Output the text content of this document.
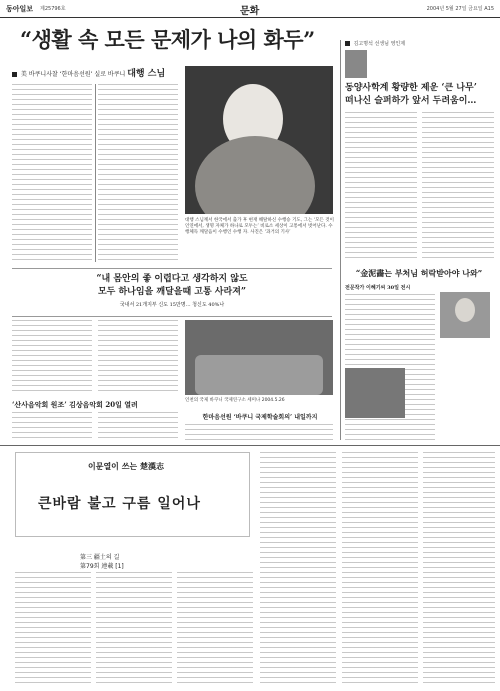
동아일보 제25796호	문화	2004년 5월 27일 금요일 A15
“생활 속 모든 문제가 나의 화두”
美 바쿠니사찰 ‘한마음선원’ 실로 바쿠니 대행 스님
대행 스님께서 한국에서 출가 후 현재 해탈하신 수행승 기도, 그는 ‘모든 것이 인연에서, 생명 자체가 하나로 모두는’ 비로소 세상이 고통에서 벗어난다. 수행체득 깨달음이 수행인 수행 자. 사진은 ‘과거의 기사’
김고명석 선생님 영인제
동양사학계 황량한 제운 ‘큰 나무’
떠나신 슬퍼하가 앞서 두려움이…
“내 몸안의 좋 이렵다고 생각하지 않도
모두 하나임을 깨달을때 고통 사라져”
국내서 21개지부 신도 15만명… 청신도 40%나
‘산사음악회 원조’ 김상음악회 20일 열려	인천의 국제 바쿠니 국제연구소 세미나 2004.5.26
한마음선원 ‘바쿠니 국제학술회의’ 내일까지
“金泥畵는 부처님 허락받아야 나와”
전문작가 이혜기씨 30일 전시
이문열이 쓰는 楚漢志
큰바람 불고 구름 일어나
第三 疆土의 길
第79회 連載 [1]
